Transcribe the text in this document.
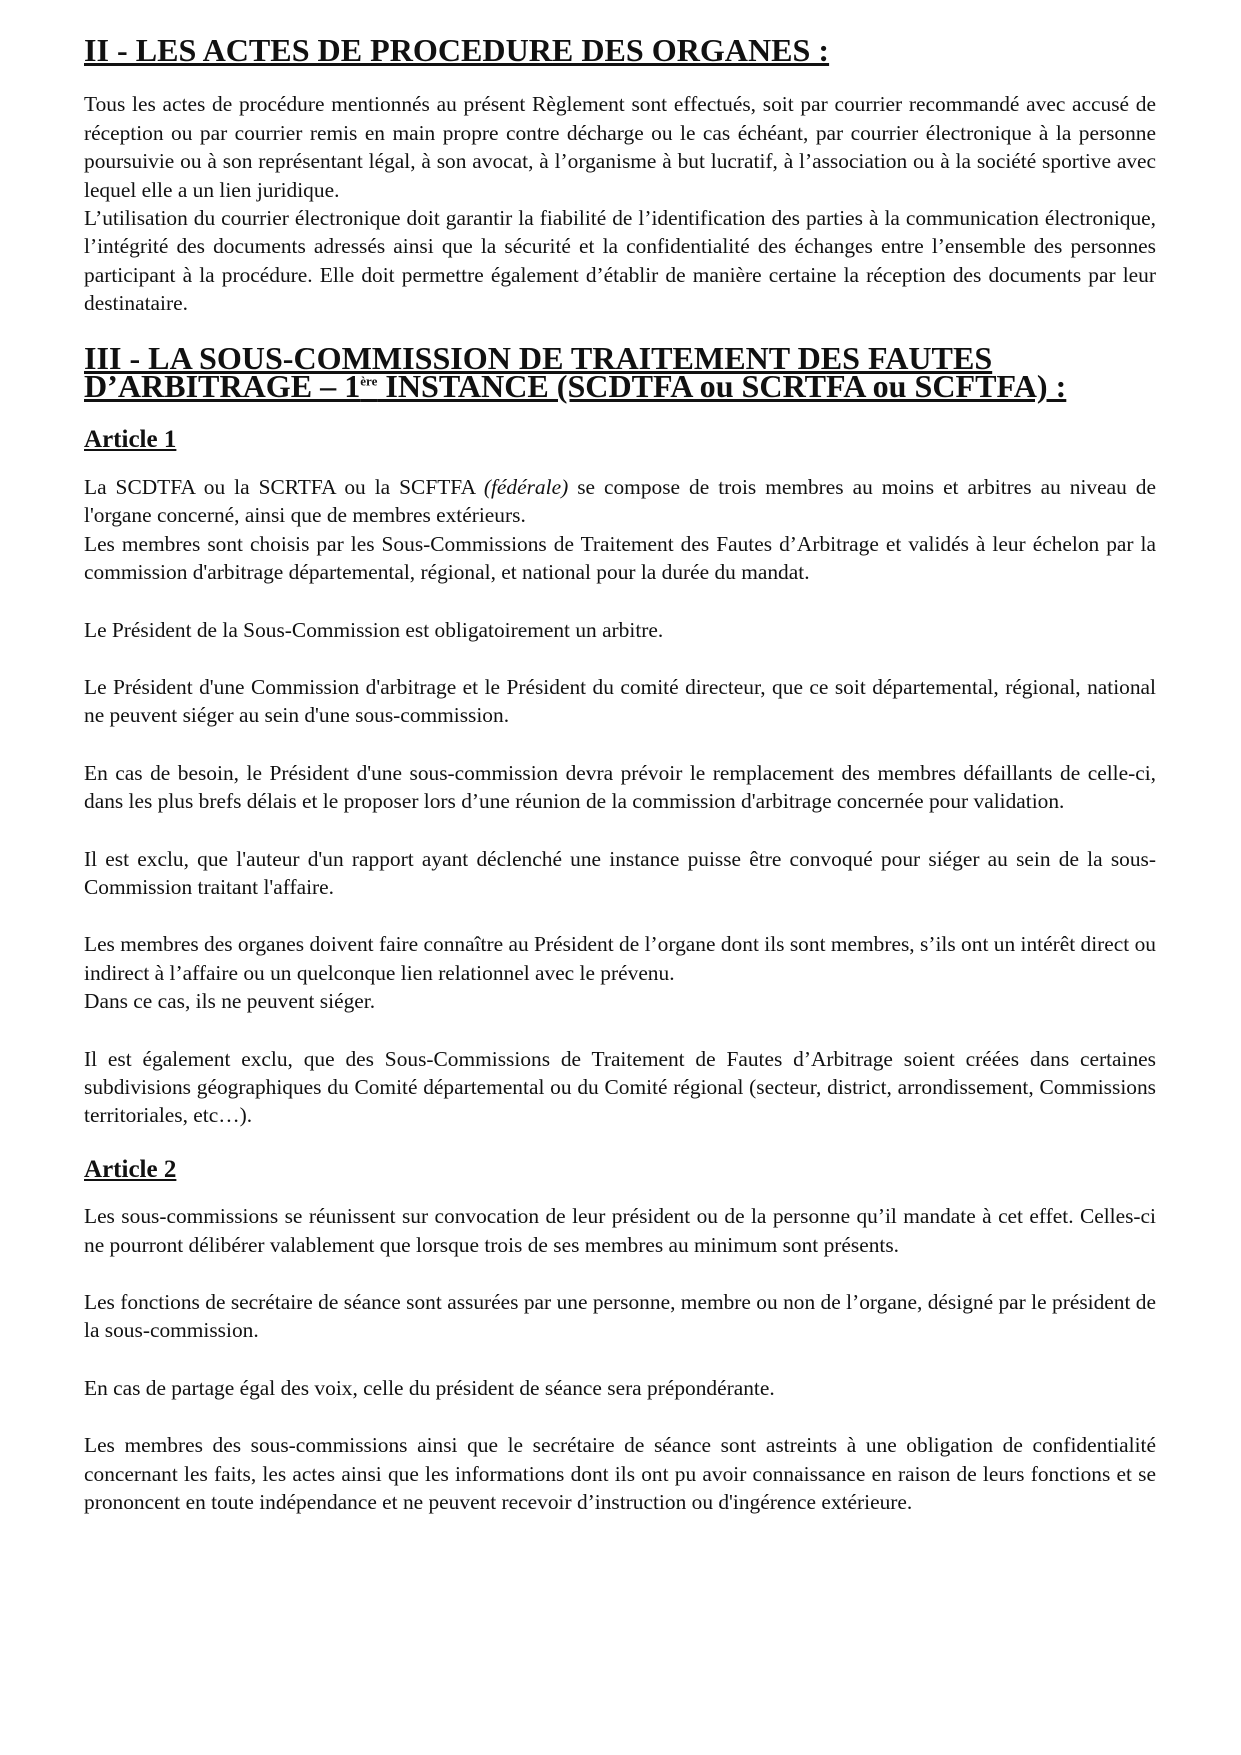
II - LES ACTES DE PROCEDURE DES ORGANES :

Tous les actes de procédure mentionnés au présent Règlement sont effectués, soit par courrier recommandé avec accusé de réception ou par courrier remis en main propre contre décharge ou le cas échéant, par courrier électronique à la personne poursuivie ou à son représentant légal, à son avocat, à l’organisme à but lucratif, à l’association ou à la société sportive avec lequel elle a un lien juridique.

L’utilisation du courrier électronique doit garantir la fiabilité de l’identification des parties à la communication électronique, l’intégrité des documents adressés ainsi que la sécurité et la confidentialité des échanges entre l’ensemble des personnes participant à la procédure. Elle doit permettre également d’établir de manière certaine la réception des documents par leur destinataire.

III - LA SOUS-COMMISSION DE TRAITEMENT DES FAUTES D’ARBITRAGE – 1ère INSTANCE (SCDTFA ou SCRTFA ou SCFTFA) :
Article 1

La SCDTFA ou la SCRTFA ou la SCFTFA (fédérale) se compose de trois membres au moins et arbitres au niveau de l'organe concerné, ainsi que de membres extérieurs.

Les membres sont choisis par les Sous-Commissions de Traitement des Fautes d’Arbitrage et validés à leur échelon par la commission d'arbitrage départemental, régional, et national pour la durée du mandat.

Le Président de la Sous-Commission est obligatoirement un arbitre.

Le Président d'une Commission d'arbitrage et le Président du comité directeur, que ce soit départemental, régional, national ne peuvent siéger au sein d'une sous-commission.

En cas de besoin, le Président d'une sous-commission devra prévoir le remplacement des membres défaillants de celle-ci, dans les plus brefs délais et le proposer lors d’une réunion de la commission d'arbitrage concernée pour validation.

Il est exclu, que l'auteur d'un rapport ayant déclenché une instance puisse être convoqué pour siéger au sein de la sous-Commission traitant l'affaire.

Les membres des organes doivent faire connaître au Président de l’organe dont ils sont membres, s’ils ont un intérêt direct ou indirect à l’affaire ou un quelconque lien relationnel avec le prévenu.

Dans ce cas, ils ne peuvent siéger.

Il est également exclu, que des Sous-Commissions de Traitement de Fautes d’Arbitrage soient créées dans certaines subdivisions géographiques du Comité départemental ou du Comité régional (secteur, district, arrondissement, Commissions territoriales, etc…).

Article 2

Les sous-commissions se réunissent sur convocation de leur président ou de la personne qu’il mandate à cet effet. Celles-ci ne pourront délibérer valablement que lorsque trois de ses membres au minimum sont présents.

Les fonctions de secrétaire de séance sont assurées par une personne, membre ou non de l’organe, désigné par le président de la sous-commission.

En cas de partage égal des voix, celle du président de séance sera prépondérante.

Les membres des sous-commissions ainsi que le secrétaire de séance sont astreints à une obligation de confidentialité concernant les faits, les actes ainsi que les informations dont ils ont pu avoir connaissance en raison de leurs fonctions et se prononcent en toute indépendance et ne peuvent recevoir d’instruction ou d'ingérence extérieure.
